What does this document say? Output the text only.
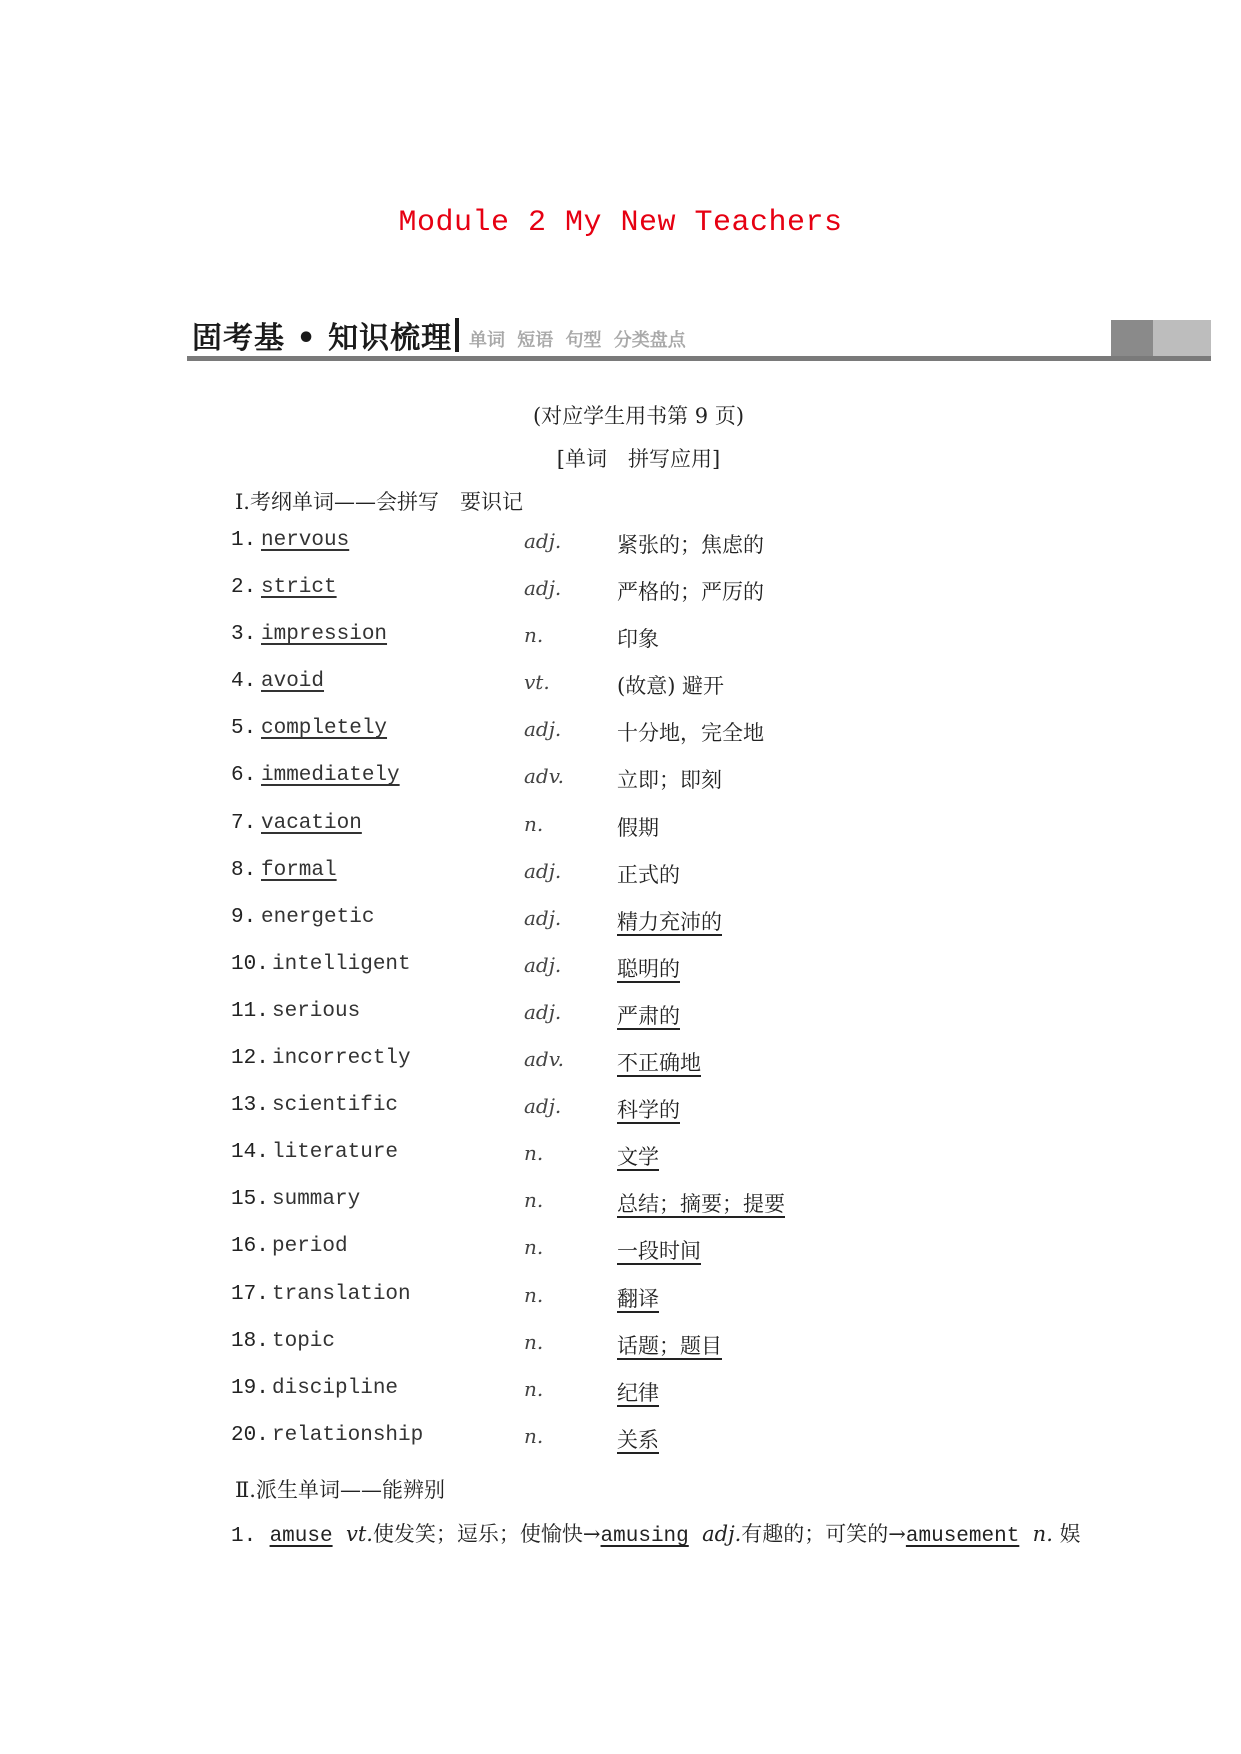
Module 2 My New Teachers
固考基 • 知识梳理 单词 短语 句型 分类盘点
(对应学生用书第 9 页)
[单词　拼写应用]
Ⅰ.考纲单词——会拼写　要识记
1. nervous	adj.	紧张的；焦虑的
2. strict	adj.	严格的；严厉的
3. impression	n.	印象
4. avoid	vt.	(故意) 避开
5. completely	adj.	十分地，完全地
6. immediately	adv.	立即；即刻
7. vacation	n.	假期
8. formal	adj.	正式的
9. energetic	adj.	精力充沛的
10. intelligent	adj.	聪明的
11. serious	adj.	严肃的
12. incorrectly	adv.	不正确地
13. scientific	adj.	科学的
14. literature	n.	文学
15. summary	n.	总结；摘要；提要
16. period	n.	一段时间
17. translation	n.	翻译
18. topic	n.	话题；题目
19. discipline	n.	纪律
20. relationship	n.	关系
Ⅱ.派生单词——能辨别
1. amuse vt.使发笑；逗乐；使愉快→amusing adj.有趣的；可笑的→amusement n. 娱
